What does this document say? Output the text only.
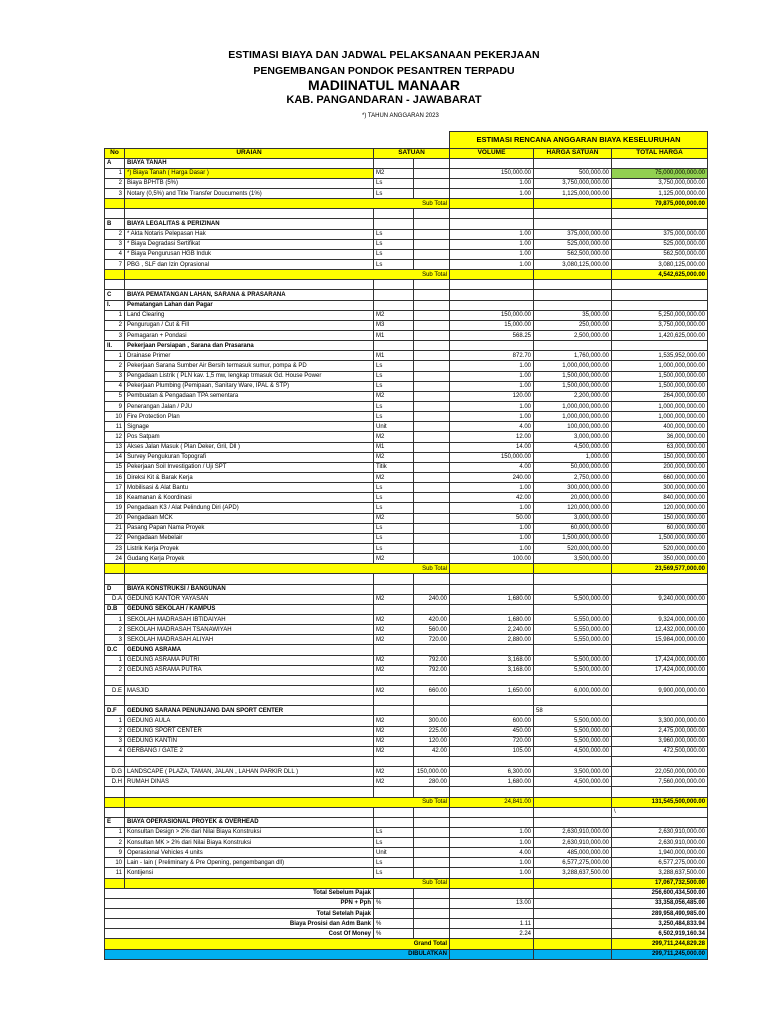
ESTIMASI BIAYA DAN JADWAL PELAKSANAAN PEKERJAAN
PENGEMBANGAN PONDOK PESANTREN TERPADU
MADIINATUL MANAAR
KAB. PANGANDARAN - JAWABARAT
*) TAHUN ANGGARAN 2023
				ESTIMASI RENCANA ANGGARAN BIAYA KESELURUHAN		
No	URAIAN	SATUAN		VOLUME	HARGA SATUAN	TOTAL HARGA
A	BIAYA TANAH					
1	*) Biaya Tanah ( Harga Dasar )	M2		150,000.00	500,000.00	75,000,000,000.00
2	Biaya BPHTB (5%)	Ls		1.00	3,750,000,000.00	3,750,000,000.00
3	Notary (0,5%) and Title Transfer Doucuments (1%)	Ls		1.00	1,125,000,000.00	1,125,000,000.00
	Sub Total					79,875,000,000.00

B	BIAYA LEGALITAS & PERIZINAN					
2	* Akta Notaris Pelepasan Hak	Ls		1.00	375,000,000.00	375,000,000.00
3	* Biaya Degradasi Sertifikat	Ls		1.00	525,000,000.00	525,000,000.00
4	* Biaya Pengurusan HGB Induk	Ls		1.00	562,500,000.00	562,500,000.00
7	PBG , SLF dan Izin Oprasional	Ls		1.00	3,080,125,000.00	3,080,125,000.00
	Sub Total					4,542,625,000.00

C	BIAYA PEMATANGAN LAHAN, SARANA & PRASARANA					
I.	Pematangan Lahan dan Pagar					
1	Land Clearing	M2		150,000.00	35,000.00	5,250,000,000.00
2	Pengurugan / Cut & Fill	M3		15,000.00	250,000.00	3,750,000,000.00
3	Pemagaran + Pondasi	M1		568.25	2,500,000.00	1,420,625,000.00
II.	Pekerjaan Persiapan , Sarana dan Prasarana					
1	Drainase Primer	M1		872.70	1,760,000.00	1,535,952,000.00
2	Pekerjaan Sarana Sumber Air Bersih termasuk sumur, pompa & PD	Ls		1.00	1,000,000,000.00	1,000,000,000.00
3	Pengadaan Listrik ( PLN kav. 1,5 mw, lengkap trmasuk Gd. House Power	Ls		1.00	1,500,000,000.00	1,500,000,000.00
4	Pekerjaan Plumbing (Pemipaan, Sanitary Ware, IPAL & STP)	Ls		1.00	1,500,000,000.00	1,500,000,000.00
5	Pembuatan & Pengadaan TPA sementara	M2		120.00	2,200,000.00	264,000,000.00
9	Penerangan Jalan / PJU	Ls		1.00	1,000,000,000.00	1,000,000,000.00
10	Fire Protection Plan	Ls		1.00	1,000,000,000.00	1,000,000,000.00
11	Signage	Unit		4.00	100,000,000.00	400,000,000.00
12	Pos Satpam	M2		12.00	3,000,000.00	36,000,000.00
13	Akses Jalan Masuk ( Plan Deker, Gril, Dll )	M1		14.00	4,500,000.00	63,000,000.00
14	Survey Pengukuran Topografi	M2		150,000.00	1,000.00	150,000,000.00
15	Pekerjaan Soil Investigation / Uji SPT	Titik		4.00	50,000,000.00	200,000,000.00
16	Direksi Kit & Barak Kerja	M2		240.00	2,750,000.00	660,000,000.00
17	Mobilisasi & Alat Bantu	Ls		1.00	300,000,000.00	300,000,000.00
18	Keamanan & Koordinasi	Ls		42.00	20,000,000.00	840,000,000.00
19	Pengadaan K3 / Alat Pelindung Diri (APD)	Ls		1.00	120,000,000.00	120,000,000.00
20	Pengadaan MCK	M2		50.00	3,000,000.00	150,000,000.00
21	Pasang Papan Nama Proyek	Ls		1.00	60,000,000.00	60,000,000.00
22	Pengadaan Mebelair	Ls		1.00	1,500,000,000.00	1,500,000,000.00
23	Listrik Kerja Proyek	Ls		1.00	520,000,000.00	520,000,000.00
24	Gudang Kerja Proyek	M2		100.00	3,500,000.00	350,000,000.00
	Sub Total					23,569,577,000.00

D	BIAYA KONSTRUKSI / BANGUNAN					
D.A	GEDUNG KANTOR YAYASAN	M2	240.00	1,680.00	5,500,000.00	9,240,000,000.00
D.B	GEDUNG SEKOLAH / KAMPUS					
1	SEKOLAH MADRASAH IBTIDAIYAH	M2	420.00	1,680.00	5,550,000.00	9,324,000,000.00
2	SEKOLAH MADRASAH TSANAWIYAH	M2	560.00	2,240.00	5,550,000.00	12,432,000,000.00
3	SEKOLAH MADRASAH ALIYAH	M2	720.00	2,880.00	5,550,000.00	15,984,000,000.00
D.C	GEDUNG ASRAMA					
1	GEDUNG ASRAMA PUTRI	M2	792.00	3,168.00	5,500,000.00	17,424,000,000.00
2	GEDUNG ASRAMA PUTRA	M2	792.00	3,168.00	5,500,000.00	17,424,000,000.00

D.E	MASJID	M2	660.00	1,650.00	6,000,000.00	9,900,000,000.00

D.F	GEDUNG SARANA PENUNJANG DAN SPORT CENTER				58	
1	GEDUNG AULA	M2	300.00	600.00	5,500,000.00	3,300,000,000.00
2	GEDUNG SPORT CENTER	M2	225.00	450.00	5,500,000.00	2,475,000,000.00
3	GEDUNG KANTIN	M2	120.00	720.00	5,500,000.00	3,960,000,000.00
4	GERBANG / GATE 2	M2	42.00	105.00	4,500,000.00	472,500,000.00

D.G	LANDSCAPE ( PLAZA, TAMAN, JALAN , LAHAN PARKIR DLL )	M2	150,000.00	6,300.00	3,500,000.00	22,050,000,000.00
D.H	RUMAH DINAS	M2	280.00	1,680.00	4,500,000.00	7,560,000,000.00

	Sub Total			24,841.00		131,545,500,000.00
						\
E	BIAYA OPERASIONAL PROYEK & OVERHEAD					
1	Konsultan Design > 2% dari Nilai Biaya Konstruksi	Ls		1.00	2,630,910,000.00	2,630,910,000.00
2	Konsultan MK > 2% dari Nilai Biaya Konstruksi	Ls		1.00	2,630,910,000.00	2,630,910,000.00
9	Operasional Vehicles 4 units	Unit		4.00	485,000,000.00	1,940,000,000.00
10	Lain - lain ( Preliminary & Pre Opening, pengembangan dll)	Ls		1.00	6,577,275,000.00	6,577,275,000.00
11	Kontijensi	Ls		1.00	3,288,637,500.00	3,288,637,500.00
	Sub Total					17,067,732,500.00
Total Sebelum Pajak						256,600,434,500.00
PPN + Pph		%		13.00		33,358,056,485.00
Total Setelah Pajak						289,958,490,985.00
Biaya Prosisi dan Adm Bank		%		1.11		3,250,484,833.94
Cost Of Money		%		2.24		6,502,919,160.34
Grand Total						299,711,244,829.28
DIBULATKAN						299,711,245,000.00
